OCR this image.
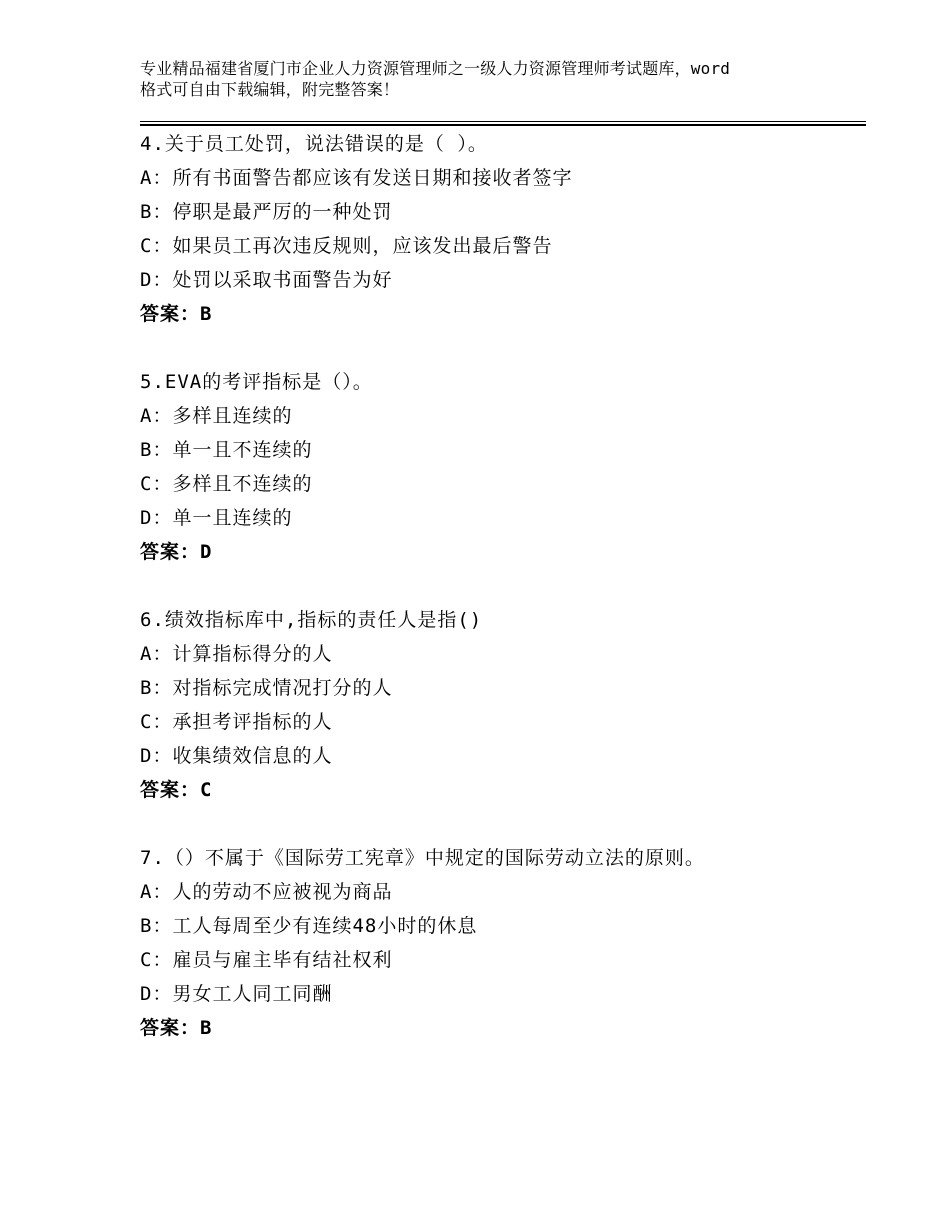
专业精品福建省厦门市企业人力资源管理师之一级人力资源管理师考试题库，word
格式可自由下载编辑，附完整答案！
4.关于员工处罚，说法错误的是（ ）。
A：所有书面警告都应该有发送日期和接收者签字
B：停职是最严厉的一种处罚
C：如果员工再次违反规则，应该发出最后警告
D：处罚以采取书面警告为好
答案：B
5.EVA的考评指标是（）。
A：多样且连续的
B：单一且不连续的
C：多样且不连续的
D：单一且连续的
答案：D
6.绩效指标库中,指标的责任人是指()
A：计算指标得分的人
B：对指标完成情况打分的人
C：承担考评指标的人
D：收集绩效信息的人
答案：C
7.（）不属于《国际劳工宪章》中规定的国际劳动立法的原则。
A：人的劳动不应被视为商品
B：工人每周至少有连续48小时的休息
C：雇员与雇主毕有结社权利
D：男女工人同工同酬
答案：B
